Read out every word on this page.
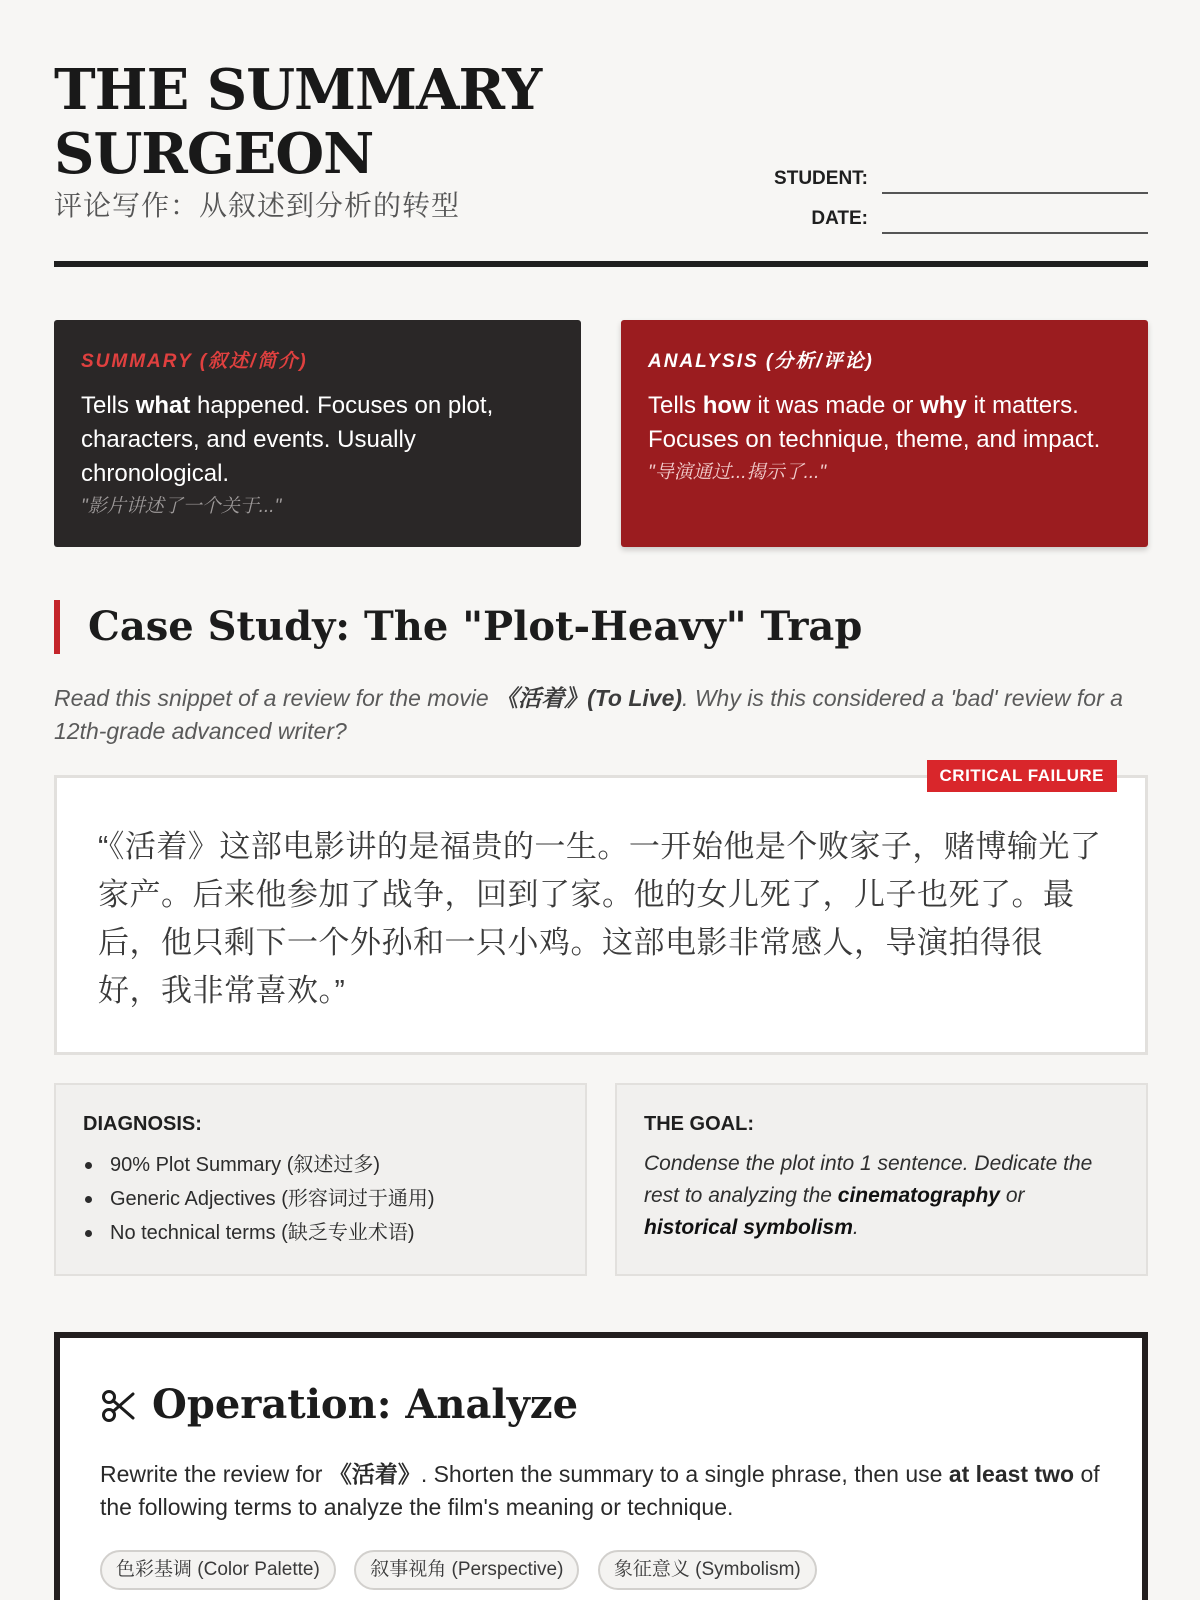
THE SUMMARY
SURGEON
评论写作：从叙述到分析的转型
STUDENT:
DATE:
SUMMARY (叙述/简介)
Tells what happened. Focuses on plot, characters, and events. Usually chronological.
"影片讲述了一个关于..."
ANALYSIS (分析/评论)
Tells how it was made or why it matters. Focuses on technique, theme, and impact.
"导演通过...揭示了..."
Case Study: The "Plot-Heavy" Trap
Read this snippet of a review for the movie 《活着》(To Live). Why is this considered a 'bad' review for a 12th-grade advanced writer?
CRITICAL FAILURE
“《活着》这部电影讲的是福贵的一生。一开始他是个败家子，赌博输光了家产。后来他参加了战争，回到了家。他的女儿死了，儿子也死了。最后，他只剩下一个外孙和一只小鸡。这部电影非常感人，导演拍得很好，我非常喜欢。”
DIAGNOSIS:
90% Plot Summary (叙述过多)
Generic Adjectives (形容词过于通用)
No technical terms (缺乏专业术语)
THE GOAL:
Condense the plot into 1 sentence. Dedicate the rest to analyzing the cinematography or historical symbolism.
Operation: Analyze
Rewrite the review for 《活着》. Shorten the summary to a single phrase, then use at least two of the following terms to analyze the film's meaning or technique.
色彩基调 (Color Palette)	叙事视角 (Perspective)	象征意义 (Symbolism)
